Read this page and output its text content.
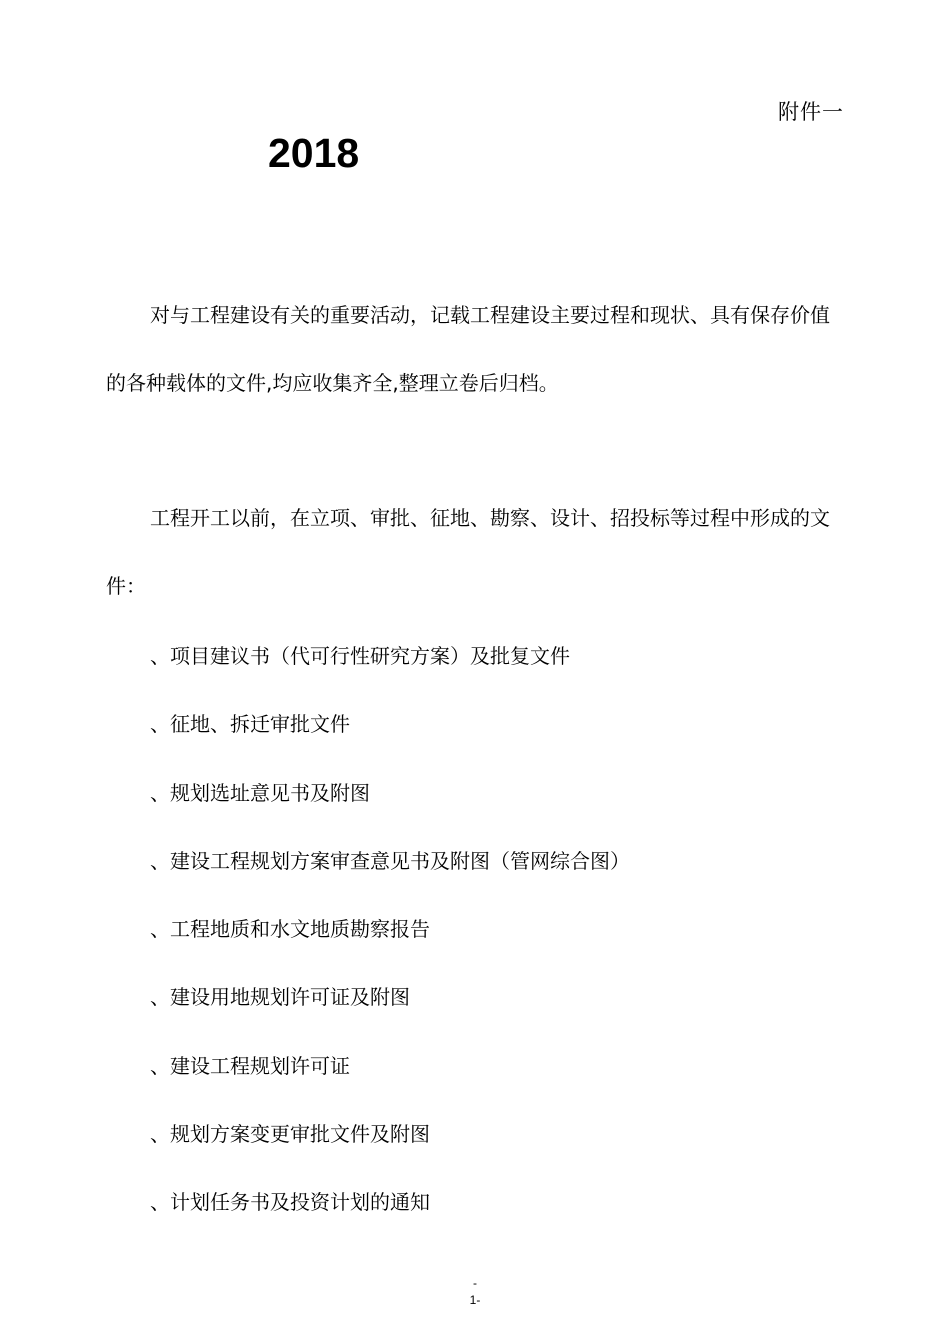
附件一
2018

对与工程建设有关的重要活动，记载工程建设主要过程和现状、具有保存价值的各种载体的文件,均应收集齐全,整理立卷后归档。

工程开工以前，在立项、审批、征地、勘察、设计、招投标等过程中形成的文件：

、项目建议书（代可行性研究方案）及批复文件
、征地、拆迁审批文件
、规划选址意见书及附图
、建设工程规划方案审查意见书及附图（管网综合图）
、工程地质和水文地质勘察报告
、建设用地规划许可证及附图
、建设工程规划许可证
、规划方案变更审批文件及附图
、计划任务书及投资计划的通知
-
1-
